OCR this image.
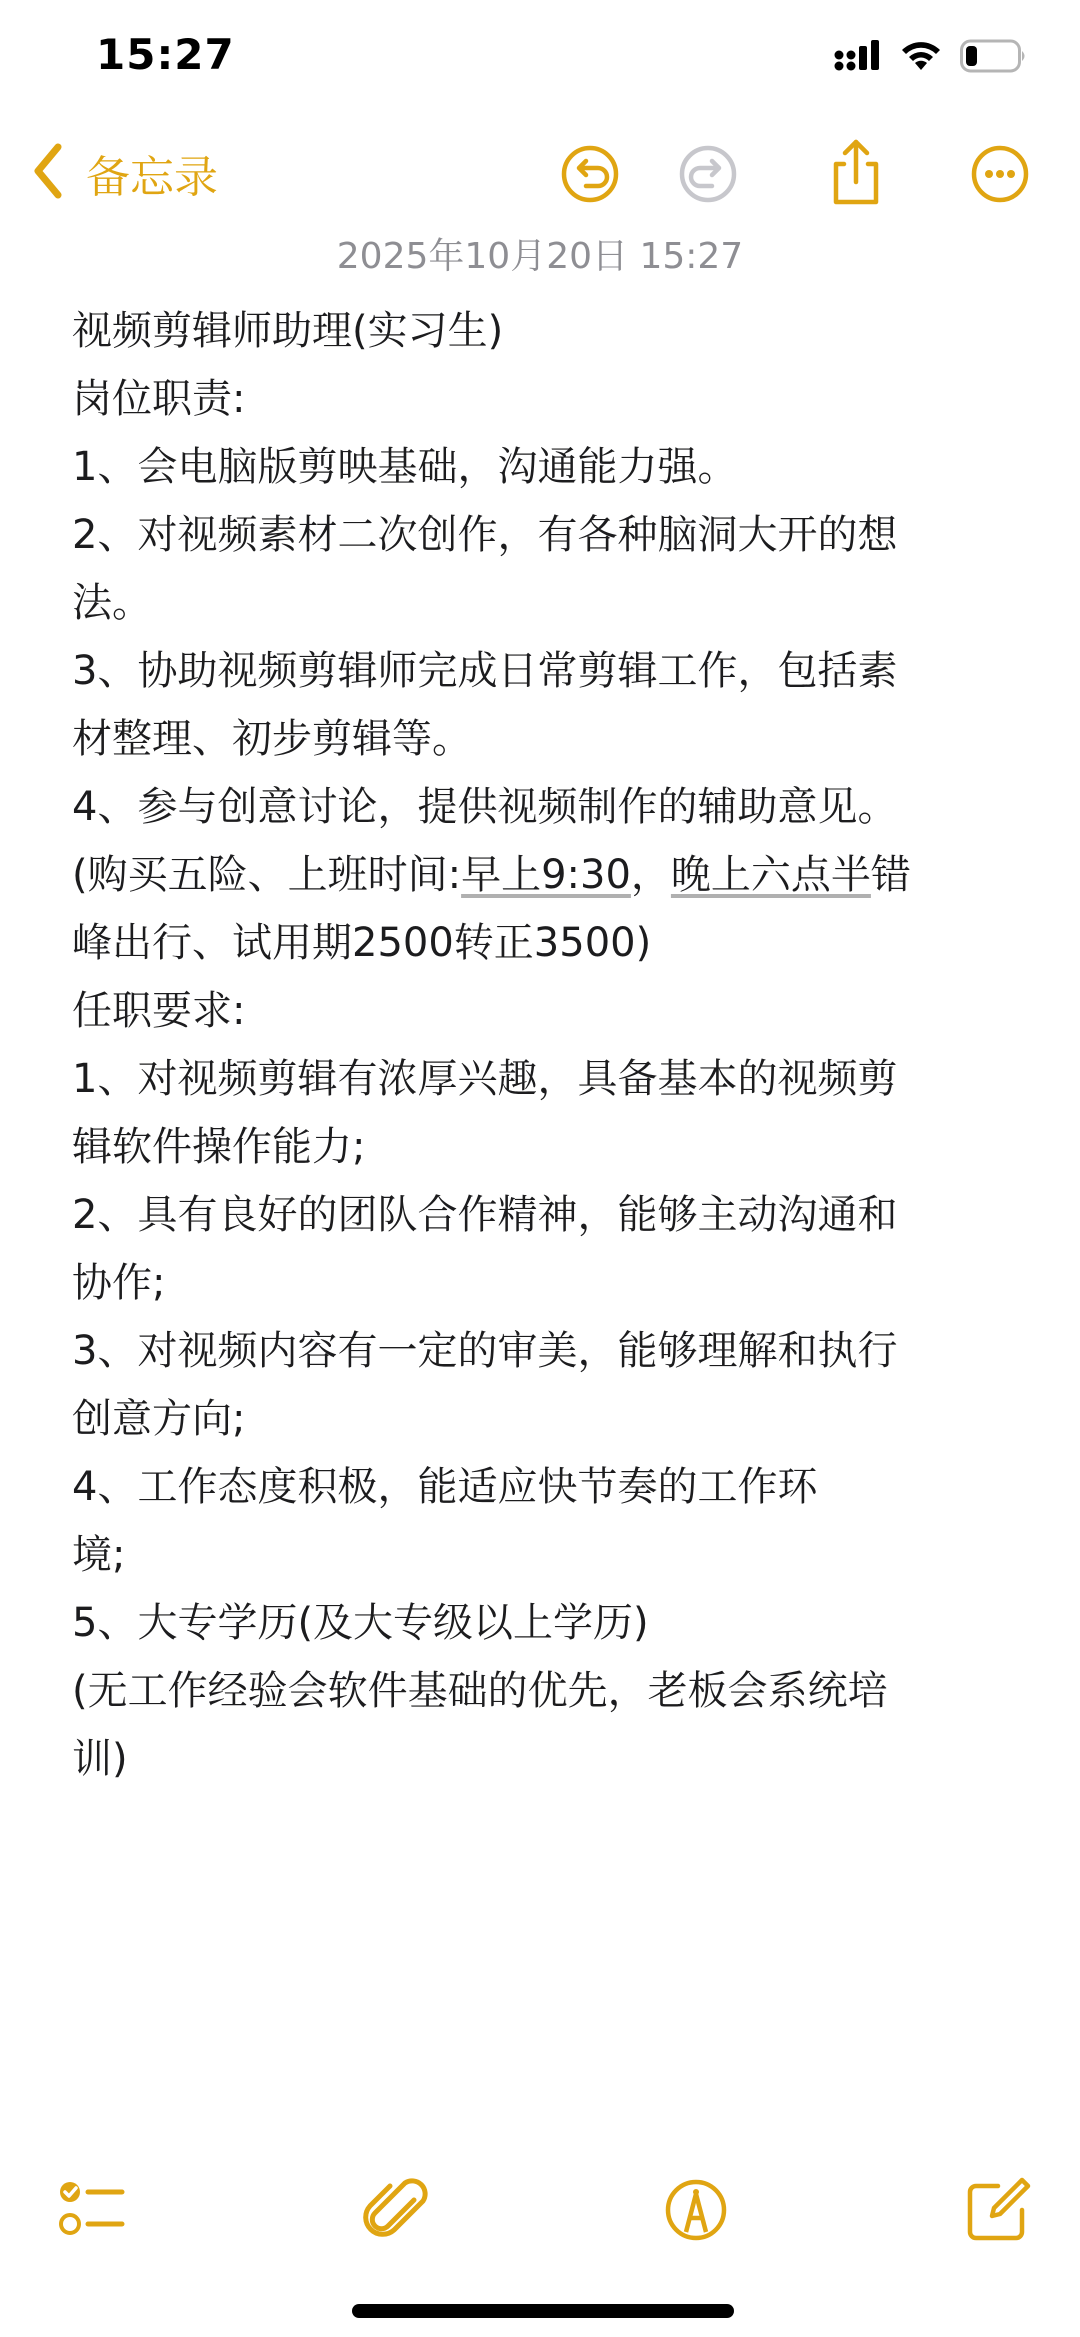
15:27
备忘录
2025年10月20日 15:27
视频剪辑师助理(实习生)
岗位职责:
1、会电脑版剪映基础，沟通能力强。
2、对视频素材二次创作，有各种脑洞大开的想
法。
3、协助视频剪辑师完成日常剪辑工作，包括素
材整理、初步剪辑等。
4、参与创意讨论，提供视频制作的辅助意见。
(购买五险、上班时间:早上9:30，晚上六点半错
峰出行、试用期2500转正3500)
任职要求:
1、对视频剪辑有浓厚兴趣，具备基本的视频剪
辑软件操作能力;
2、具有良好的团队合作精神，能够主动沟通和
协作;
3、对视频内容有一定的审美，能够理解和执行
创意方向;
4、工作态度积极，能适应快节奏的工作环
境;
5、大专学历(及大专级以上学历)
(无工作经验会软件基础的优先，老板会系统培
训)
